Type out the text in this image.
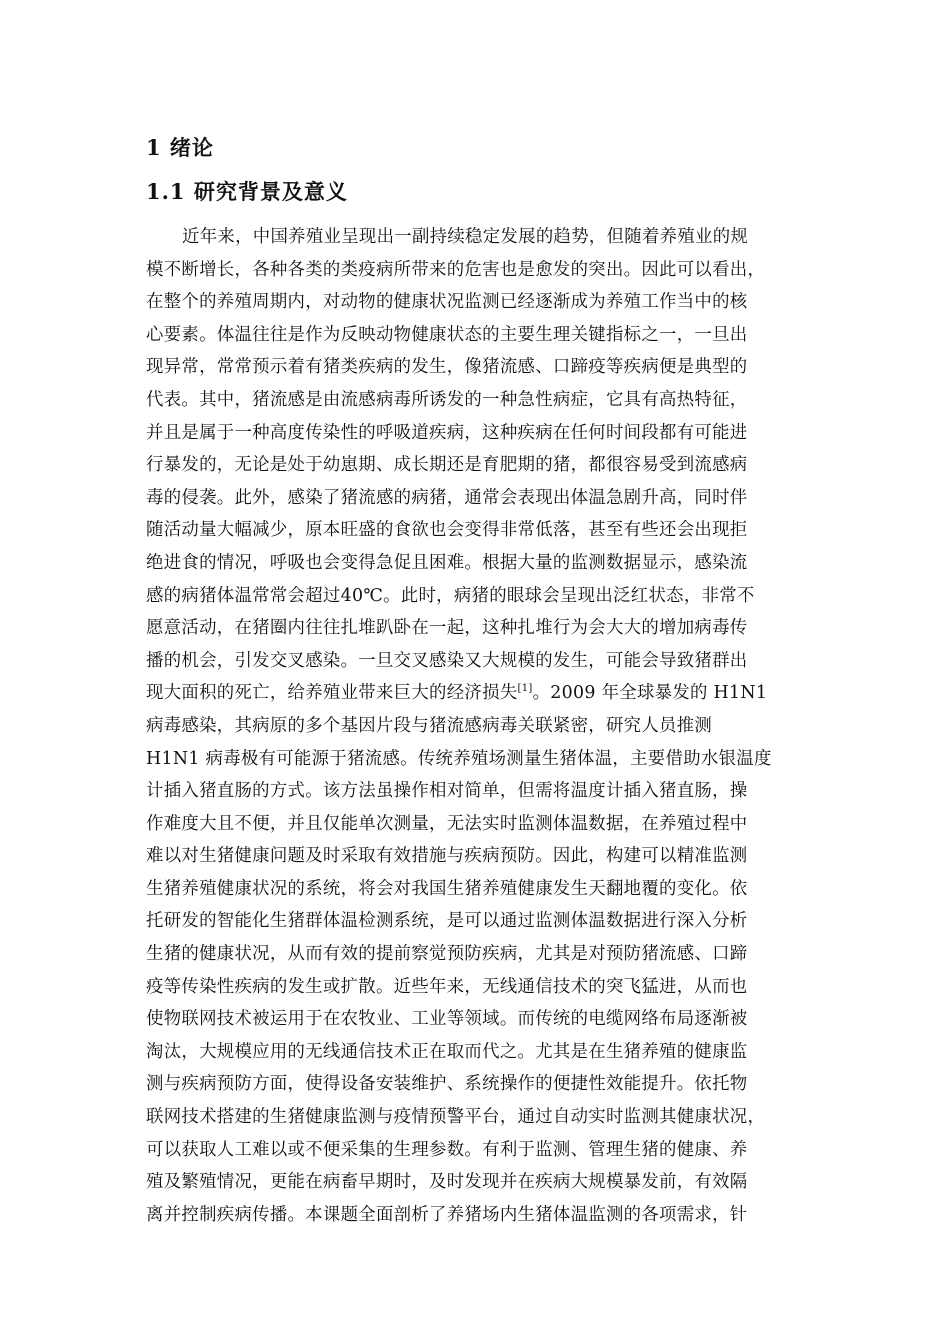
1 绪论
1.1 研究背景及意义
近年来，中国养殖业呈现出一副持续稳定发展的趋势，但随着养殖业的规
模不断增长，各种各类的类疫病所带来的危害也是愈发的突出。因此可以看出，
在整个的养殖周期内，对动物的健康状况监测已经逐渐成为养殖工作当中的核
心要素。体温往往是作为反映动物健康状态的主要生理关键指标之一，一旦出
现异常，常常预示着有猪类疾病的发生，像猪流感、口蹄疫等疾病便是典型的
代表。其中，猪流感是由流感病毒所诱发的一种急性病症，它具有高热特征，
并且是属于一种高度传染性的呼吸道疾病，这种疾病在任何时间段都有可能进
行暴发的，无论是处于幼崽期、成长期还是育肥期的猪，都很容易受到流感病
毒的侵袭。此外，感染了猪流感的病猪，通常会表现出体温急剧升高，同时伴
随活动量大幅减少，原本旺盛的食欲也会变得非常低落，甚至有些还会出现拒
绝进食的情况，呼吸也会变得急促且困难。根据大量的监测数据显示，感染流
感的病猪体温常常会超过40℃。此时，病猪的眼球会呈现出泛红状态，非常不
愿意活动，在猪圈内往往扎堆趴卧在一起，这种扎堆行为会大大的增加病毒传
播的机会，引发交叉感染。一旦交叉感染又大规模的发生，可能会导致猪群出
现大面积的死亡，给养殖业带来巨大的经济损失[1]。2009 年全球暴发的 H1N1
病毒感染，其病原的多个基因片段与猪流感病毒关联紧密，研究人员推测
H1N1 病毒极有可能源于猪流感。传统养殖场测量生猪体温，主要借助水银温度
计插入猪直肠的方式。该方法虽操作相对简单，但需将温度计插入猪直肠，操
作难度大且不便，并且仅能单次测量，无法实时监测体温数据，在养殖过程中
难以对生猪健康问题及时采取有效措施与疾病预防。因此，构建可以精准监测
生猪养殖健康状况的系统，将会对我国生猪养殖健康发生天翻地覆的变化。依
托研发的智能化生猪群体温检测系统，是可以通过监测体温数据进行深入分析
生猪的健康状况，从而有效的提前察觉预防疾病，尤其是对预防猪流感、口蹄
疫等传染性疾病的发生或扩散。近些年来，无线通信技术的突飞猛进，从而也
使物联网技术被运用于在农牧业、工业等领域。而传统的电缆网络布局逐渐被
淘汰，大规模应用的无线通信技术正在取而代之。尤其是在生猪养殖的健康监
测与疾病预防方面，使得设备安装维护、系统操作的便捷性效能提升。依托物
联网技术搭建的生猪健康监测与疫情预警平台，通过自动实时监测其健康状况，
可以获取人工难以或不便采集的生理参数。有利于监测、管理生猪的健康、养
殖及繁殖情况，更能在病畜早期时，及时发现并在疾病大规模暴发前，有效隔
离并控制疾病传播。本课题全面剖析了养猪场内生猪体温监测的各项需求，针
